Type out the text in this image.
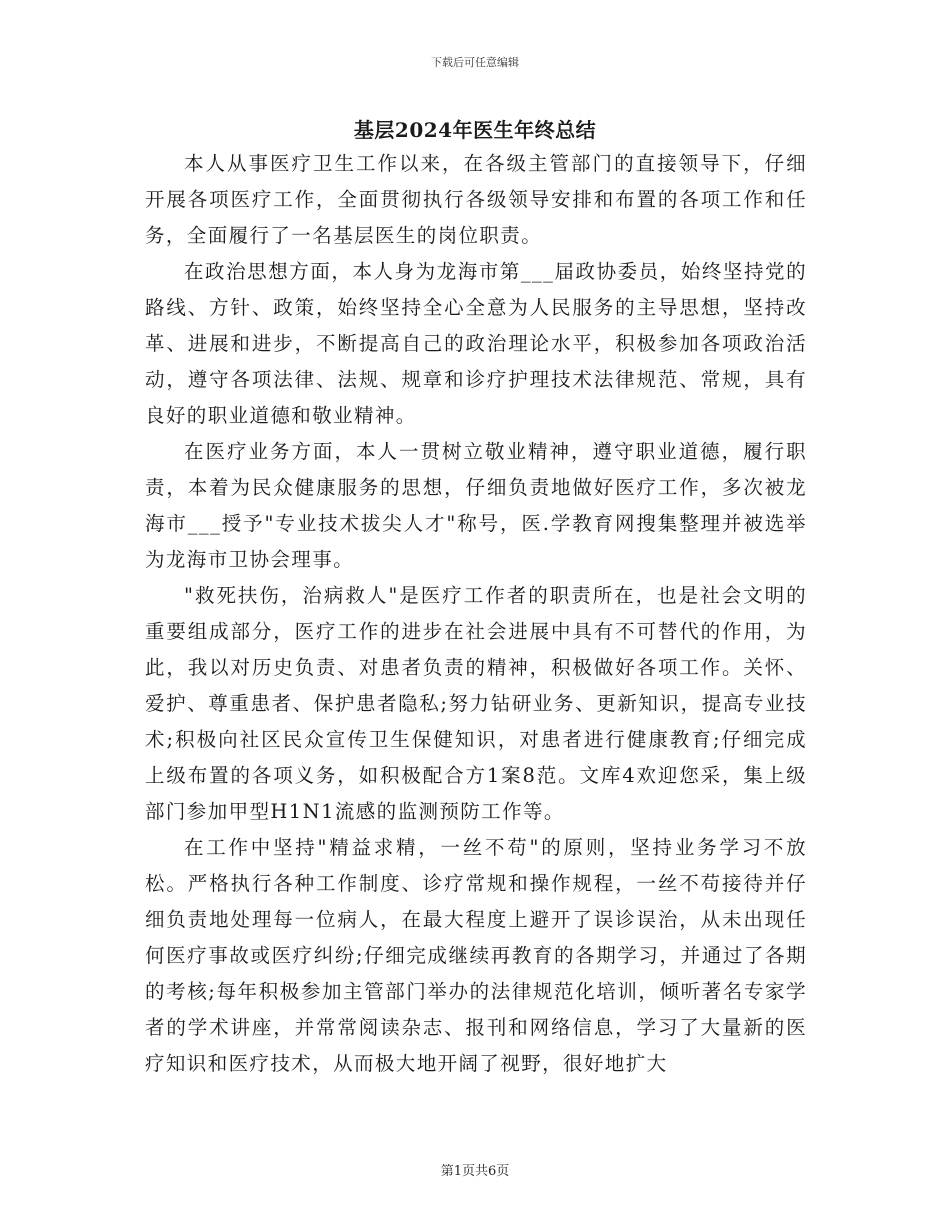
下载后可任意编辑
基层2024年医生年终总结

本人从事医疗卫生工作以来，在各级主管部门的直接领导下，仔细开展各项医疗工作，全面贯彻执行各级领导安排和布置的各项工作和任务，全面履行了一名基层医生的岗位职责。

在政治思想方面，本人身为龙海市第___届政协委员，始终坚持党的路线、方针、政策，始终坚持全心全意为人民服务的主导思想，坚持改革、进展和进步，不断提高自己的政治理论水平，积极参加各项政治活动，遵守各项法律、法规、规章和诊疗护理技术法律规范、常规，具有良好的职业道德和敬业精神。

在医疗业务方面，本人一贯树立敬业精神，遵守职业道德，履行职责，本着为民众健康服务的思想，仔细负责地做好医疗工作，多次被龙海市___授予"专业技术拔尖人才"称号，医.学教育网搜集整理并被选举为龙海市卫协会理事。

"救死扶伤，治病救人"是医疗工作者的职责所在，也是社会文明的重要组成部分，医疗工作的进步在社会进展中具有不可替代的作用，为此，我以对历史负责、对患者负责的精神，积极做好各项工作。关怀、爱护、尊重患者、保护患者隐私;努力钻研业务、更新知识，提高专业技术;积极向社区民众宣传卫生保健知识，对患者进行健康教育;仔细完成上级布置的各项义务，如积极配合方1案8范。文库4欢迎您采，集上级部门参加甲型H1N1流感的监测预防工作等。

在工作中坚持"精益求精，一丝不苟"的原则，坚持业务学习不放松。严格执行各种工作制度、诊疗常规和操作规程，一丝不苟接待并仔细负责地处理每一位病人，在最大程度上避开了误诊误治，从未出现任何医疗事故或医疗纠纷;仔细完成继续再教育的各期学习，并通过了各期的考核;每年积极参加主管部门举办的法律规范化培训，倾听著名专家学者的学术讲座，并常常阅读杂志、报刊和网络信息，学习了大量新的医疗知识和医疗技术，从而极大地开阔了视野，很好地扩大

第1页共6页
